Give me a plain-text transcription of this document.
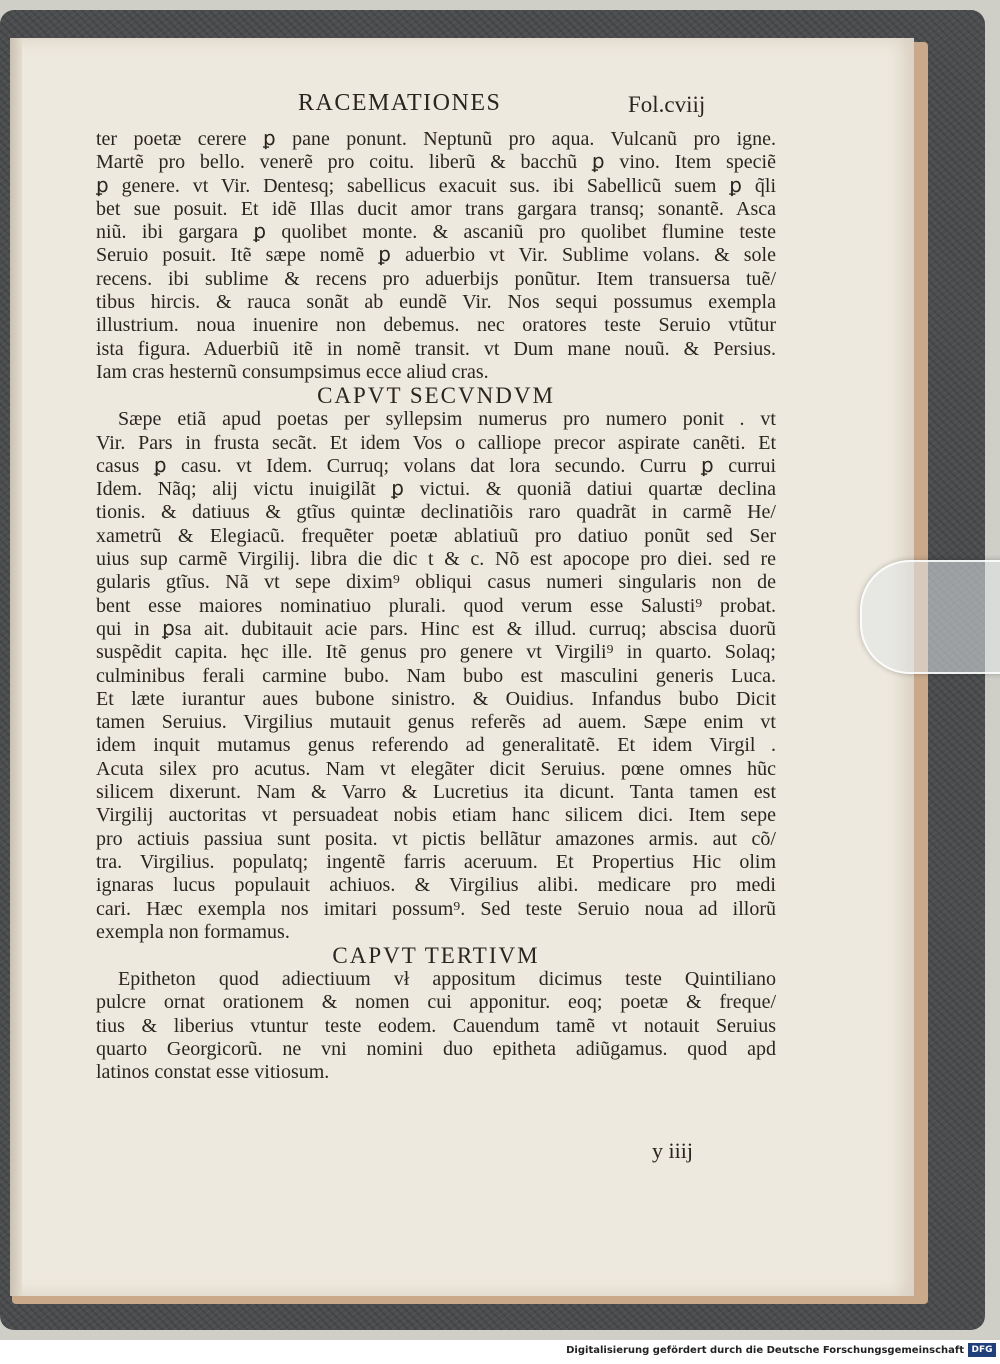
RACEMATIONES	Fol.cviij
ter poetæ cerere ꝑ pane ponunt. Neptunũ pro aqua. Vulcanũ pro igne.
Martẽ pro bello. venerẽ pro coitu. liberũ & bacchũ ꝑ vino. Item speciẽ
ꝑ genere. vt Vir. Dentesq; sabellicus exacuit sus. ibi Sabellicũ suem ꝑ q̃li
bet sue posuit. Et idẽ Illas ducit amor trans gargara transq; sonantẽ. Asca
niũ. ibi gargara ꝑ quolibet monte. & ascaniũ pro quolibet flumine teste
Seruio posuit. Itẽ sæpe nomẽ ꝑ aduerbio vt Vir. Sublime volans. & sole
recens. ibi sublime & recens pro aduerbijs ponũtur. Item transuersa tuẽ/
tibus hircis. & rauca sonãt ab eundẽ Vir. Nos sequi possumus exempla
illustrium. noua inuenire non debemus. nec oratores teste Seruio vtũtur
ista figura. Aduerbiũ itẽ in nomẽ transit. vt Dum mane nouũ. & Persius.
Iam cras hesternũ consumpsimus ecce aliud cras.
CAPVT SECVNDVM
Sæpe etiã apud poetas per syllepsim numerus pro numero ponit᷑. vt
Vir. Pars in frusta secãt. Et idem Vos o calliope precor aspirate canẽti. Et
casus ꝑ casu. vt Idem. Curruq; volans dat lora secundo. Curru ꝑ currui
Idem. Nãq; alij victu inuigilãt ꝑ victui. & quoniã datiui quartæ declina
tionis. & datiuus & gtĩus quintæ declinatiõis raro quadrãt in carmẽ He/
xametrũ & Elegiacũ. frequẽter poetæ ablatiuũ pro datiuo ponũt sed Ser
uius sup carmẽ Virgilij. libra die dic t & c. Nõ est apocope pro diei. sed re
gularis gtĩus. Nã vt sepe dixim⁹ obliqui casus numeri singularis non de
bent esse maiores nominatiuo plurali. quod verum esse Salusti⁹ probat.
qui in ꝑsa ait. dubitauit acie pars. Hinc est & illud. curruq; abscisa duorũ
suspẽdit capita. hęc ille. Itẽ genus pro genere vt Virgili⁹ in quarto. Solaq;
culminibus ferali carmine bubo. Nam bubo est masculini generis Luca.
Et læte iurantur aues bubone sinistro. & Ouidius. Infandus bubo Dicit
tamen Seruius. Virgilius mutauit genus referẽs ad auem. Sæpe enim vt
idem inquit mutamus genus referendo ad generalitatẽ. Et idem Virgil᷑.
Acuta silex pro acutus. Nam vt elegãter dicit Seruius. pœne omnes hũc
silicem dixerunt. Nam & Varro & Lucretius ita dicunt. Tanta tamen est
Virgilij auctoritas vt persuadeat nobis etiam hanc silicem dici. Item sepe
pro actiuis passiua sunt posita. vt pictis bellãtur amazones armis. aut cõ/
tra. Virgilius. populatq; ingentẽ farris aceruum. Et Propertius Hic olim
ignaras lucus populauit achiuos. & Virgilius alibi. medicare pro medi
cari. Hæc exempla nos imitari possum⁹. Sed teste Seruio noua ad illorũ
exempla non formamus.
CAPVT TERTIVM
Epitheton quod adiectiuum vł appositum dicimus teste Quintiliano
pulcre ornat orationem & nomen cui apponitur. eoq; poetæ & freque/
tius & liberius vtuntur teste eodem. Cauendum tamẽ vt notauit Seruius
quarto Georgicorũ. ne vni nomini duo epitheta adiũgamus. quod apd
latinos constat esse vitiosum.
y iiij
Digitalisierung gefördert durch die Deutsche Forschungsgemeinschaft DFG
